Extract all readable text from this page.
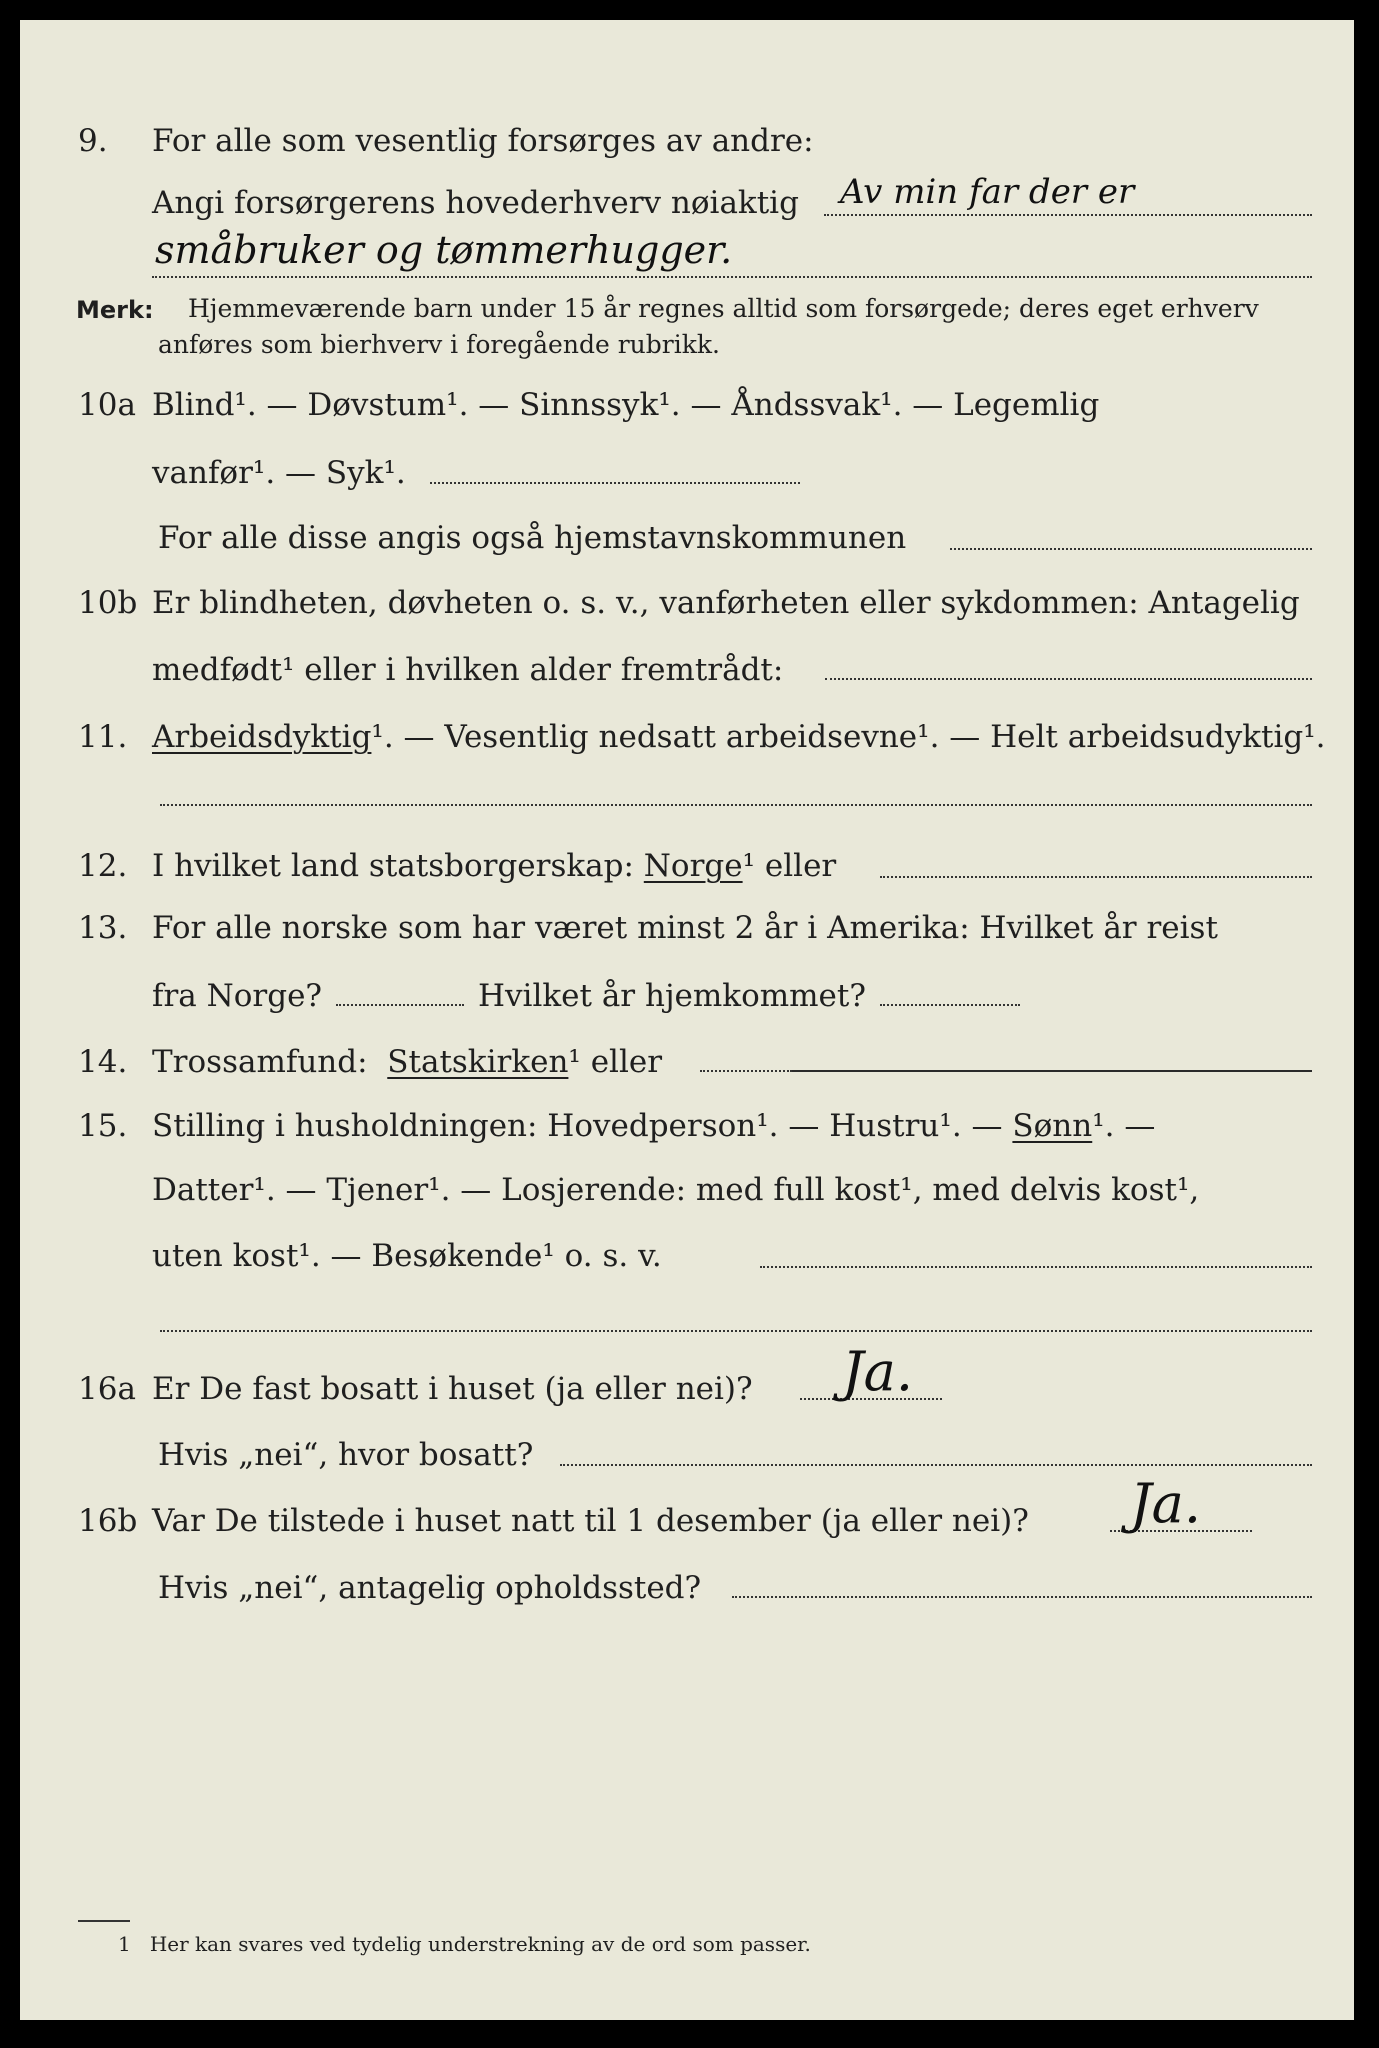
9. For alle som vesentlig forsørges av andre:
Angi forsørgerens hovederhverv nøiaktig Av min far der er
småbruker og tømmerhugger.
Merk: Hjemmeværende barn under 15 år regnes alltid som forsørgede; deres eget erhverv
anføres som bierhverv i foregående rubrikk.
10a Blind¹. — Døvstum¹. — Sinnssyk¹. — Åndssvak¹. — Legemlig
vanfør¹. — Syk¹.
For alle disse angis også hjemstavnskommunen
10b Er blindheten, døvheten o. s. v., vanførheten eller sykdommen: Antagelig
medfødt¹ eller i hvilken alder fremtrådt:
11. Arbeidsdyktig¹. — Vesentlig nedsatt arbeidsevne¹. — Helt arbeidsudyktig¹.
12. I hvilket land statsborgerskap: Norge¹ eller
13. For alle norske som har været minst 2 år i Amerika: Hvilket år reist
fra Norge?	Hvilket år hjemkommet?
14. Trossamfund: Statskirken¹ eller
15. Stilling i husholdningen: Hovedperson¹. — Hustru¹. — Sønn¹. —
Datter¹. — Tjener¹. — Losjerende: med full kost¹, med delvis kost¹,
uten kost¹. — Besøkende¹ o. s. v.
16a Er De fast bosatt i huset (ja eller nei)? Ja.
Hvis „nei“, hvor bosatt?
16b Var De tilstede i huset natt til 1 desember (ja eller nei)? Ja.
Hvis „nei“, antagelig opholdssted?
1 Her kan svares ved tydelig understrekning av de ord som passer.
